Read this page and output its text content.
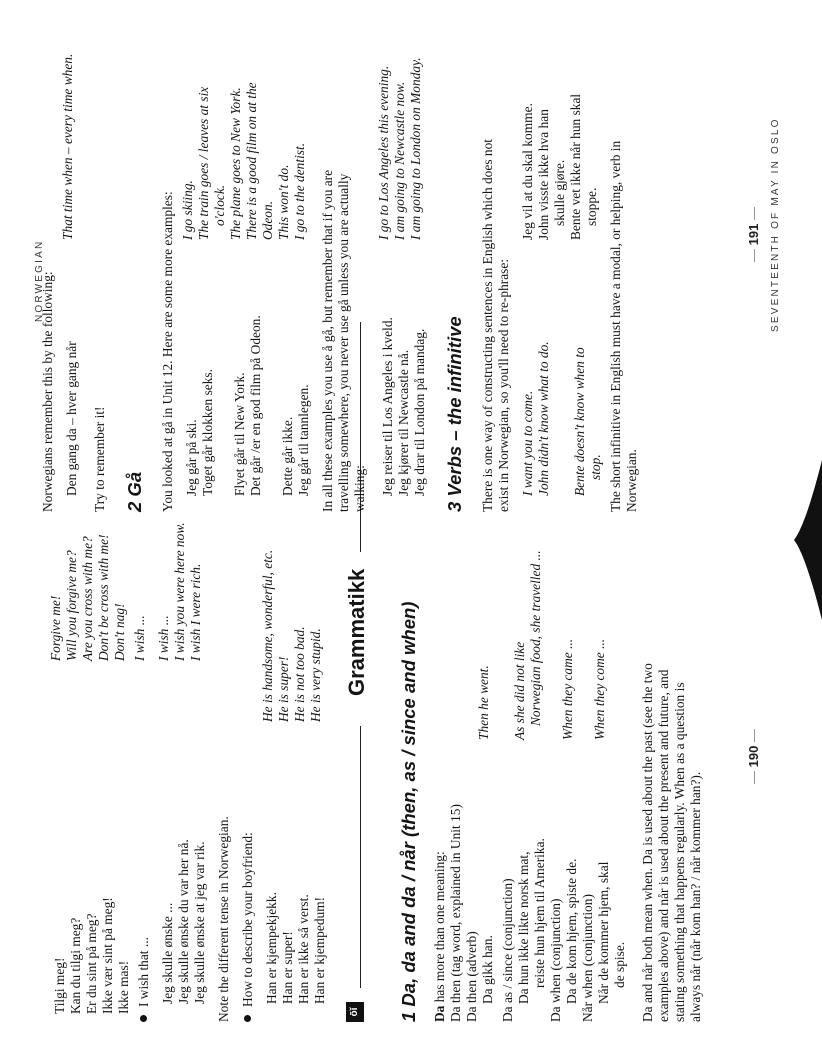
NORWEGIAN
Tilgi meg!
Forgive me!
Kan du tilgi meg?
Will you forgive me?
Er du sint på meg?
Are you cross with me?
Ikke vær sint på meg!
Don't be cross with me!
Ikke mas!
Don't nag!
I wish that ...
I wish ...
Jeg skulle ønske ...
I wish ...
Jeg skulle ønske du var her nå.
I wish you were here now.
Jeg skulle ønske at jeg var rik.
I wish I were rich.
Note the different tense in Norwegian. How to describe your boyfriend: Han er kjempekjekk.
He is handsome, wonderful, etc.
Han er super!
He is super!
Han er ikke så verst.
He is not too bad.
Han er kjempedum!
He is very stupid.
ōĭ
Grammatikk 1 Da, da and da / når (then, as / since and when) Da has more than one meaning: Da then (tag word, explained in Unit 15) Da then (adverb) Da gikk han.
Then he went.
Da as / since (conjunction) Da hun ikke likte norsk mat,
As she did not like
reiste hun hjem til Amerika.
Norwegian food, she travelled ...
Da when (conjunction) Da de kom hjem, spiste de.
When they came ...
Når when (conjunction) Når de kommer hjem, skal
When they come ...
de spise. Da and når both mean when. Da is used about the past (see the two examples above) and når is used about the present and future, and stating something that happens regularly. When as a question is always når (når kom han? / når kommer han?).	— 190 —
SEVENTEENTH OF MAY IN OSLO
Norwegians remember this by the following: Den gang da – hver gang når
That time when – every time when.
Try to remember it! 2 Gå You looked at gå in Unit 12. Here are some more examples: Jeg går på ski.
I go skiing.
Toget går klokken seks.
The train goes / leaves at six o'clock.
Flyet går til New York.
The plane goes to New York.
Det går /er en god film på Odeon.
There is a good film on at the Odeon.
Dette går ikke.
This won't do.
Jeg går til tannlegen.
I go to the dentist. In all these examples you use å gå, but remember that if you are travelling somewhere, you never use gå unless you are actually walking: Jeg reiser til Los Angeles i kveld.
I go to Los Angeles this evening.
Jeg kjører til Newcastle nå.
I am going to Newcastle now.
Jeg drar til London på mandag.
I am going to London on Monday.
3 Verbs – the infinitive There is one way of constructing sentences in English which does not exist in Norwegian, so you'll need to re-phrase: I want you to come.
Jeg vil at du skal komme.
John didn't know what to do.
John visste ikke hva han skulle gjøre.
Bente doesn't know when to
Bente vet ikke når hun skal
stop.
stoppe. The short infinitive in English must have a modal, or helping, verb in Norwegian.
— 191 —
